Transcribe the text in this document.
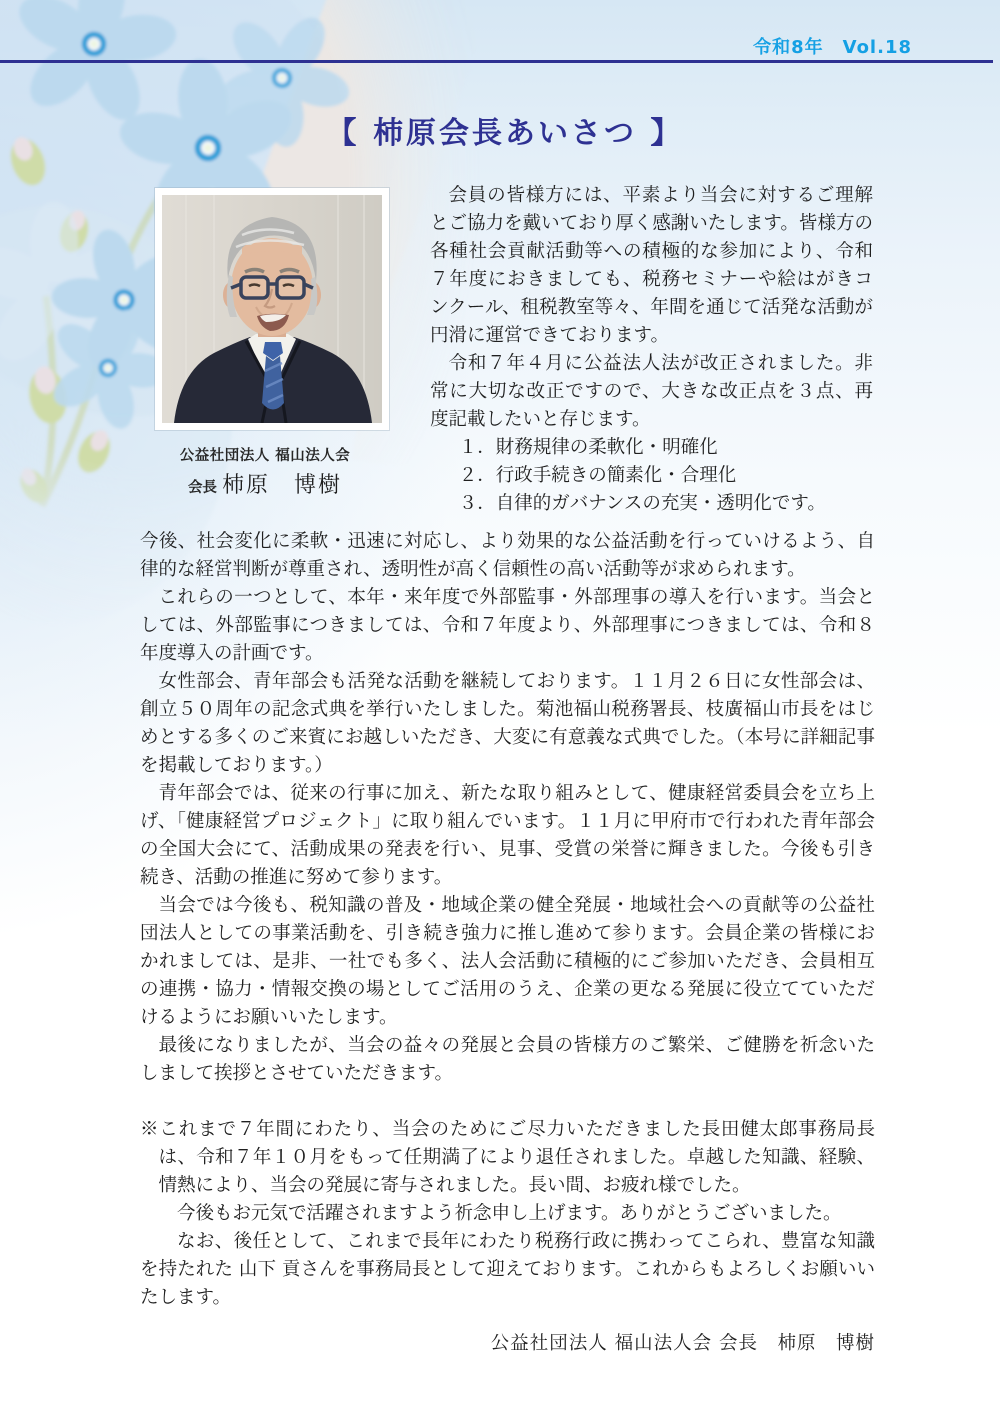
令和8年　Vol.18
【 柿原会長あいさつ 】
公益社団法人 福山法人会
会長 柿原　博樹

会員の皆様方には、平素より当会に対するご理解とご協力を戴いており厚く感謝いたします。皆様方の各種社会貢献活動等への積極的な参加により、令和７年度におきましても、税務セミナーや絵はがきコンクール、租税教室等々、年間を通じて活発な活動が円滑に運営できております。

令和７年４月に公益法人法が改正されました。非常に大切な改正ですので、大きな改正点を３点、再度記載したいと存じます。

１．財務規律の柔軟化・明確化

２．行政手続きの簡素化・合理化

３．自律的ガバナンスの充実・透明化です。

今後、社会変化に柔軟・迅速に対応し、より効果的な公益活動を行っていけるよう、自律的な経営判断が尊重され、透明性が高く信頼性の高い活動等が求められます。

これらの一つとして、本年・来年度で外部監事・外部理事の導入を行います。当会としては、外部監事につきましては、令和７年度より、外部理事につきましては、令和８年度導入の計画です。

女性部会、青年部会も活発な活動を継続しております。１１月２６日に女性部会は、創立５０周年の記念式典を挙行いたしました。菊池福山税務署長、枝廣福山市長をはじめとする多くのご来賓にお越しいただき、大変に有意義な式典でした。（本号に詳細記事を掲載しております。）

青年部会では、従来の行事に加え、新たな取り組みとして、健康経営委員会を立ち上げ、「健康経営プロジェクト」に取り組んでいます。１１月に甲府市で行われた青年部会の全国大会にて、活動成果の発表を行い、見事、受賞の栄誉に輝きました。今後も引き続き、活動の推進に努めて参ります。

当会では今後も、税知識の普及・地域企業の健全発展・地域社会への貢献等の公益社団法人としての事業活動を、引き続き強力に推し進めて参ります。会員企業の皆様におかれましては、是非、一社でも多く、法人会活動に積極的にご参加いただき、会員相互の連携・協力・情報交換の場としてご活用のうえ、企業の更なる発展に役立てていただけるようにお願いいたします。

最後になりましたが、当会の益々の発展と会員の皆様方のご繁栄、ご健勝を祈念いたしまして挨拶とさせていただきます。

※これまで７年間にわたり、当会のためにご尽力いただきました長田健太郎事務局長は、令和７年１０月をもって任期満了により退任されました。卓越した知識、経験、情熱により、当会の発展に寄与されました。長い間、お疲れ様でした。

今後もお元気で活躍されますよう祈念申し上げます。ありがとうございました。

なお、後任として、これまで長年にわたり税務行政に携わってこられ、豊富な知識を持たれた 山下 貢さんを事務局長として迎えております。これからもよろしくお願いいたします。

公益社団法人 福山法人会 会長　柿原　博樹
